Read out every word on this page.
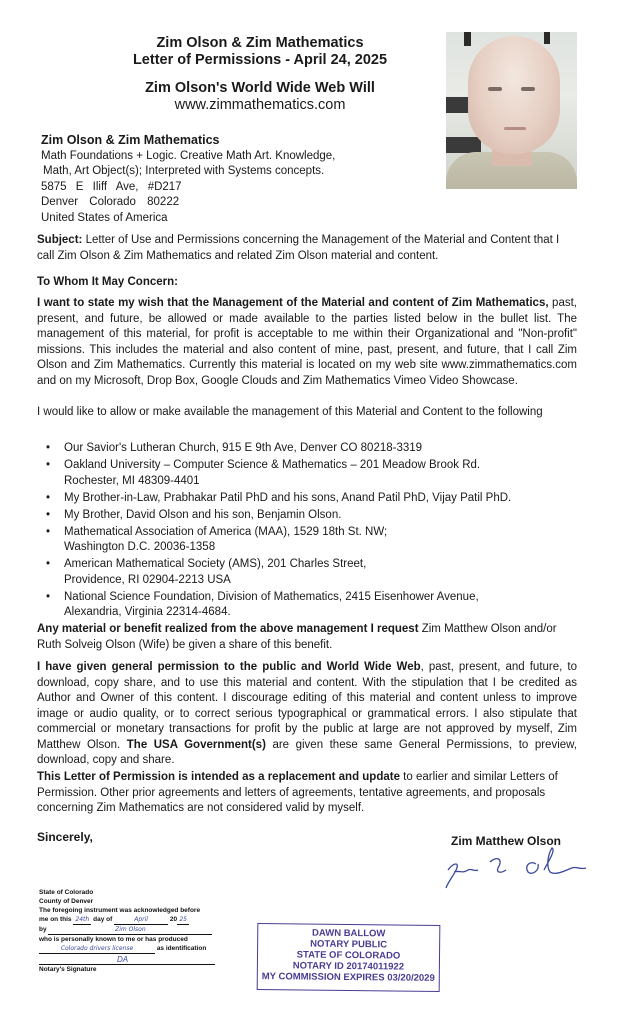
Zim Olson & Zim Mathematics
Letter of Permissions - April 24, 2025
Zim Olson's World Wide Web Will
www.zimmathematics.com
Zim Olson & Zim Mathematics
Math Foundations + Logic. Creative Math Art. Knowledge,
Math, Art Object(s); Interpreted with Systems concepts.
5875 E Iliff Ave, #D217
Denver Colorado 80222
United States of America
Subject: Letter of Use and Permissions concerning the Management of the Material and Content that I call Zim Olson & Zim Mathematics and related Zim Olson material and content.
To Whom It May Concern:
I want to state my wish that the Management of the Material and content of Zim Mathematics, past, present, and future, be allowed or made available to the parties listed below in the bullet list. The management of this material, for profit is acceptable to me within their Organizational and "Non-profit" missions. This includes the material and also content of mine, past, present, and future, that I call Zim Olson and Zim Mathematics. Currently this material is located on my web site www.zimmathematics.com and on my Microsoft, Drop Box, Google Clouds and Zim Mathematics Vimeo Video Showcase.
I would like to allow or make available the management of this Material and Content to the following
• Our Savior's Lutheran Church, 915 E 9th Ave, Denver CO 80218-3319
• Oakland University – Computer Science & Mathematics – 201 Meadow Brook Rd.
Rochester, MI 48309-4401
• My Brother-in-Law, Prabhakar Patil PhD and his sons, Anand Patil PhD, Vijay Patil PhD.
• My Brother, David Olson and his son, Benjamin Olson.
• Mathematical Association of America (MAA), 1529 18th St. NW;
Washington D.C. 20036-1358
• American Mathematical Society (AMS), 201 Charles Street,
Providence, RI 02904-2213 USA
• National Science Foundation, Division of Mathematics, 2415 Eisenhower Avenue,
Alexandria, Virginia 22314-4684.
Any material or benefit realized from the above management I request Zim Matthew Olson and/or Ruth Solveig Olson (Wife) be given a share of this benefit.
I have given general permission to the public and World Wide Web, past, present, and future, to download, copy share, and to use this material and content. With the stipulation that I be credited as Author and Owner of this content. I discourage editing of this material and content unless to improve image or audio quality, or to correct serious typographical or grammatical errors. I also stipulate that commercial or monetary transactions for profit by the public at large are not approved by myself, Zim Matthew Olson. The USA Government(s) are given these same General Permissions, to preview, download, copy and share.
This Letter of Permission is intended as a replacement and update to earlier and similar Letters of Permission. Other prior agreements and letters of agreements, tentative agreements, and proposals concerning Zim Mathematics are not considered valid by myself.
Sincerely,	Zim Matthew Olson
State of Colorado
County of Denver
The foregoing instrument was acknowledged before
me on this 24th day of	April	20 25
by	Zim Olson
who is personally known to me or has produced
Colorado drivers license	as identification
DA
Notary's Signature
DAWN BALLOW
NOTARY PUBLIC
STATE OF COLORADO
NOTARY ID 20174011922
MY COMMISSION EXPIRES 03/20/2029
